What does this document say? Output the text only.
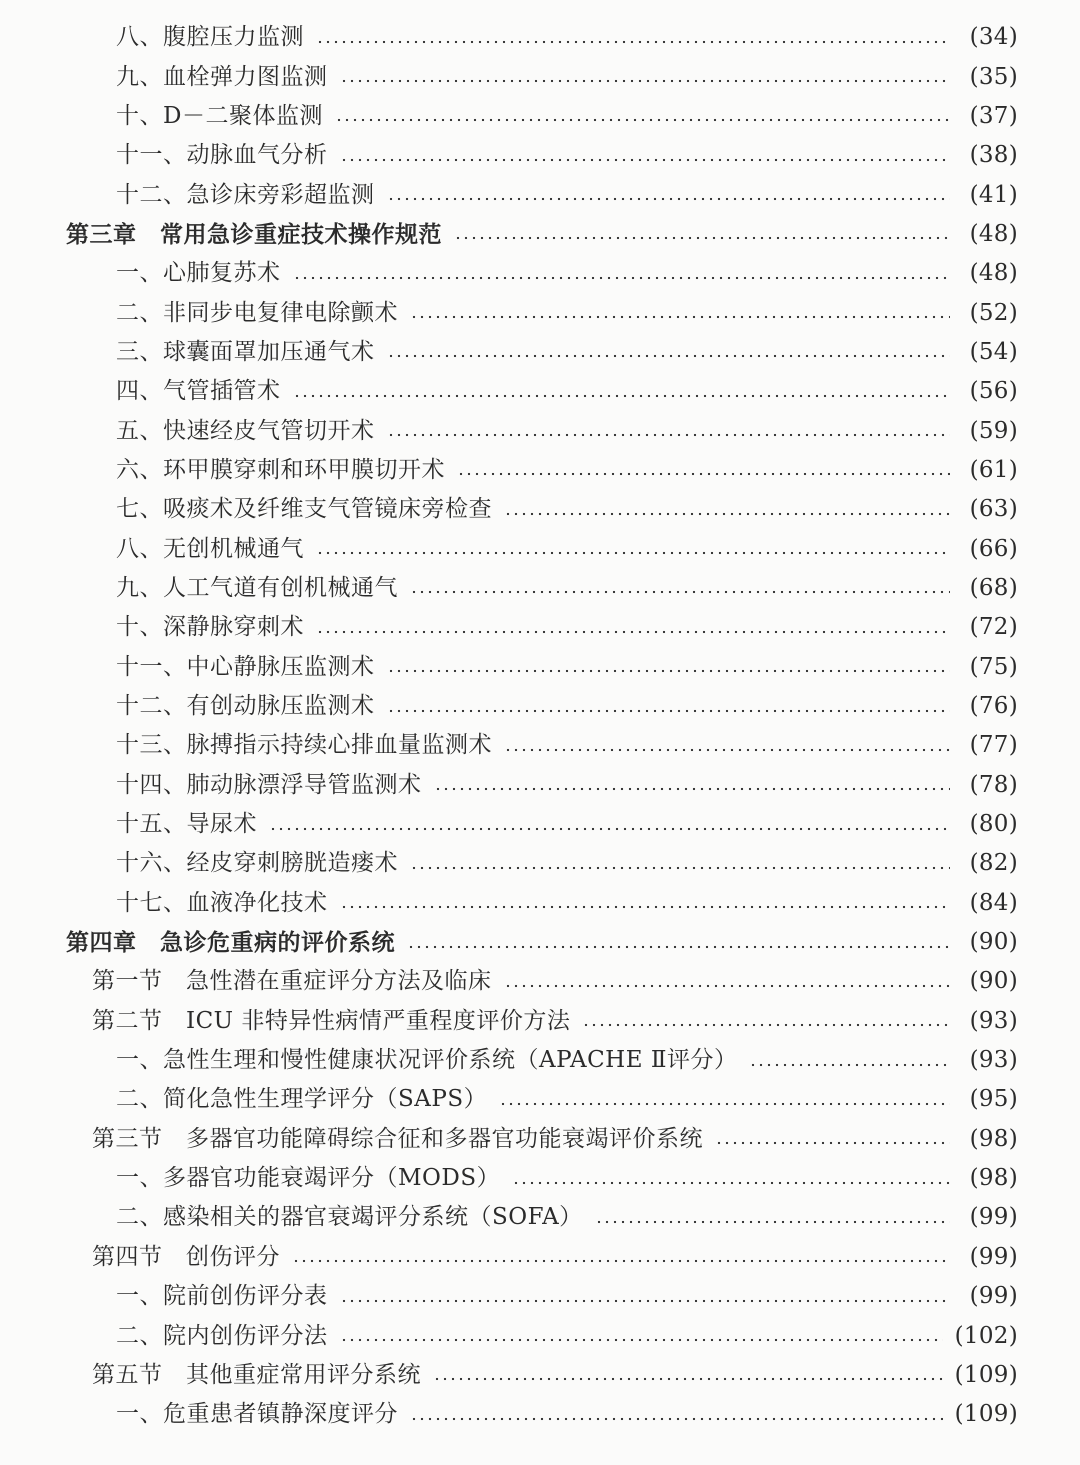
八、腹腔压力监测	(34)
九、血栓弹力图监测	(35)
十、D－二聚体监测	(37)
十一、动脉血气分析	(38)
十二、急诊床旁彩超监测	(41)
第三章　常用急诊重症技术操作规范	(48)
一、心肺复苏术	(48)
二、非同步电复律电除颤术	(52)
三、球囊面罩加压通气术	(54)
四、气管插管术	(56)
五、快速经皮气管切开术	(59)
六、环甲膜穿刺和环甲膜切开术	(61)
七、吸痰术及纤维支气管镜床旁检查	(63)
八、无创机械通气	(66)
九、人工气道有创机械通气	(68)
十、深静脉穿刺术	(72)
十一、中心静脉压监测术	(75)
十二、有创动脉压监测术	(76)
十三、脉搏指示持续心排血量监测术	(77)
十四、肺动脉漂浮导管监测术	(78)
十五、导尿术	(80)
十六、经皮穿刺膀胱造瘘术	(82)
十七、血液净化技术	(84)
第四章　急诊危重病的评价系统	(90)
第一节　急性潜在重症评分方法及临床	(90)
第二节　ICU 非特异性病情严重程度评价方法	(93)
一、急性生理和慢性健康状况评价系统（APACHE Ⅱ评分）	(93)
二、简化急性生理学评分（SAPS）	(95)
第三节　多器官功能障碍综合征和多器官功能衰竭评价系统	(98)
一、多器官功能衰竭评分（MODS）	(98)
二、感染相关的器官衰竭评分系统（SOFA）	(99)
第四节　创伤评分	(99)
一、院前创伤评分表	(99)
二、院内创伤评分法	(102)
第五节　其他重症常用评分系统	(109)
一、危重患者镇静深度评分	(109)
